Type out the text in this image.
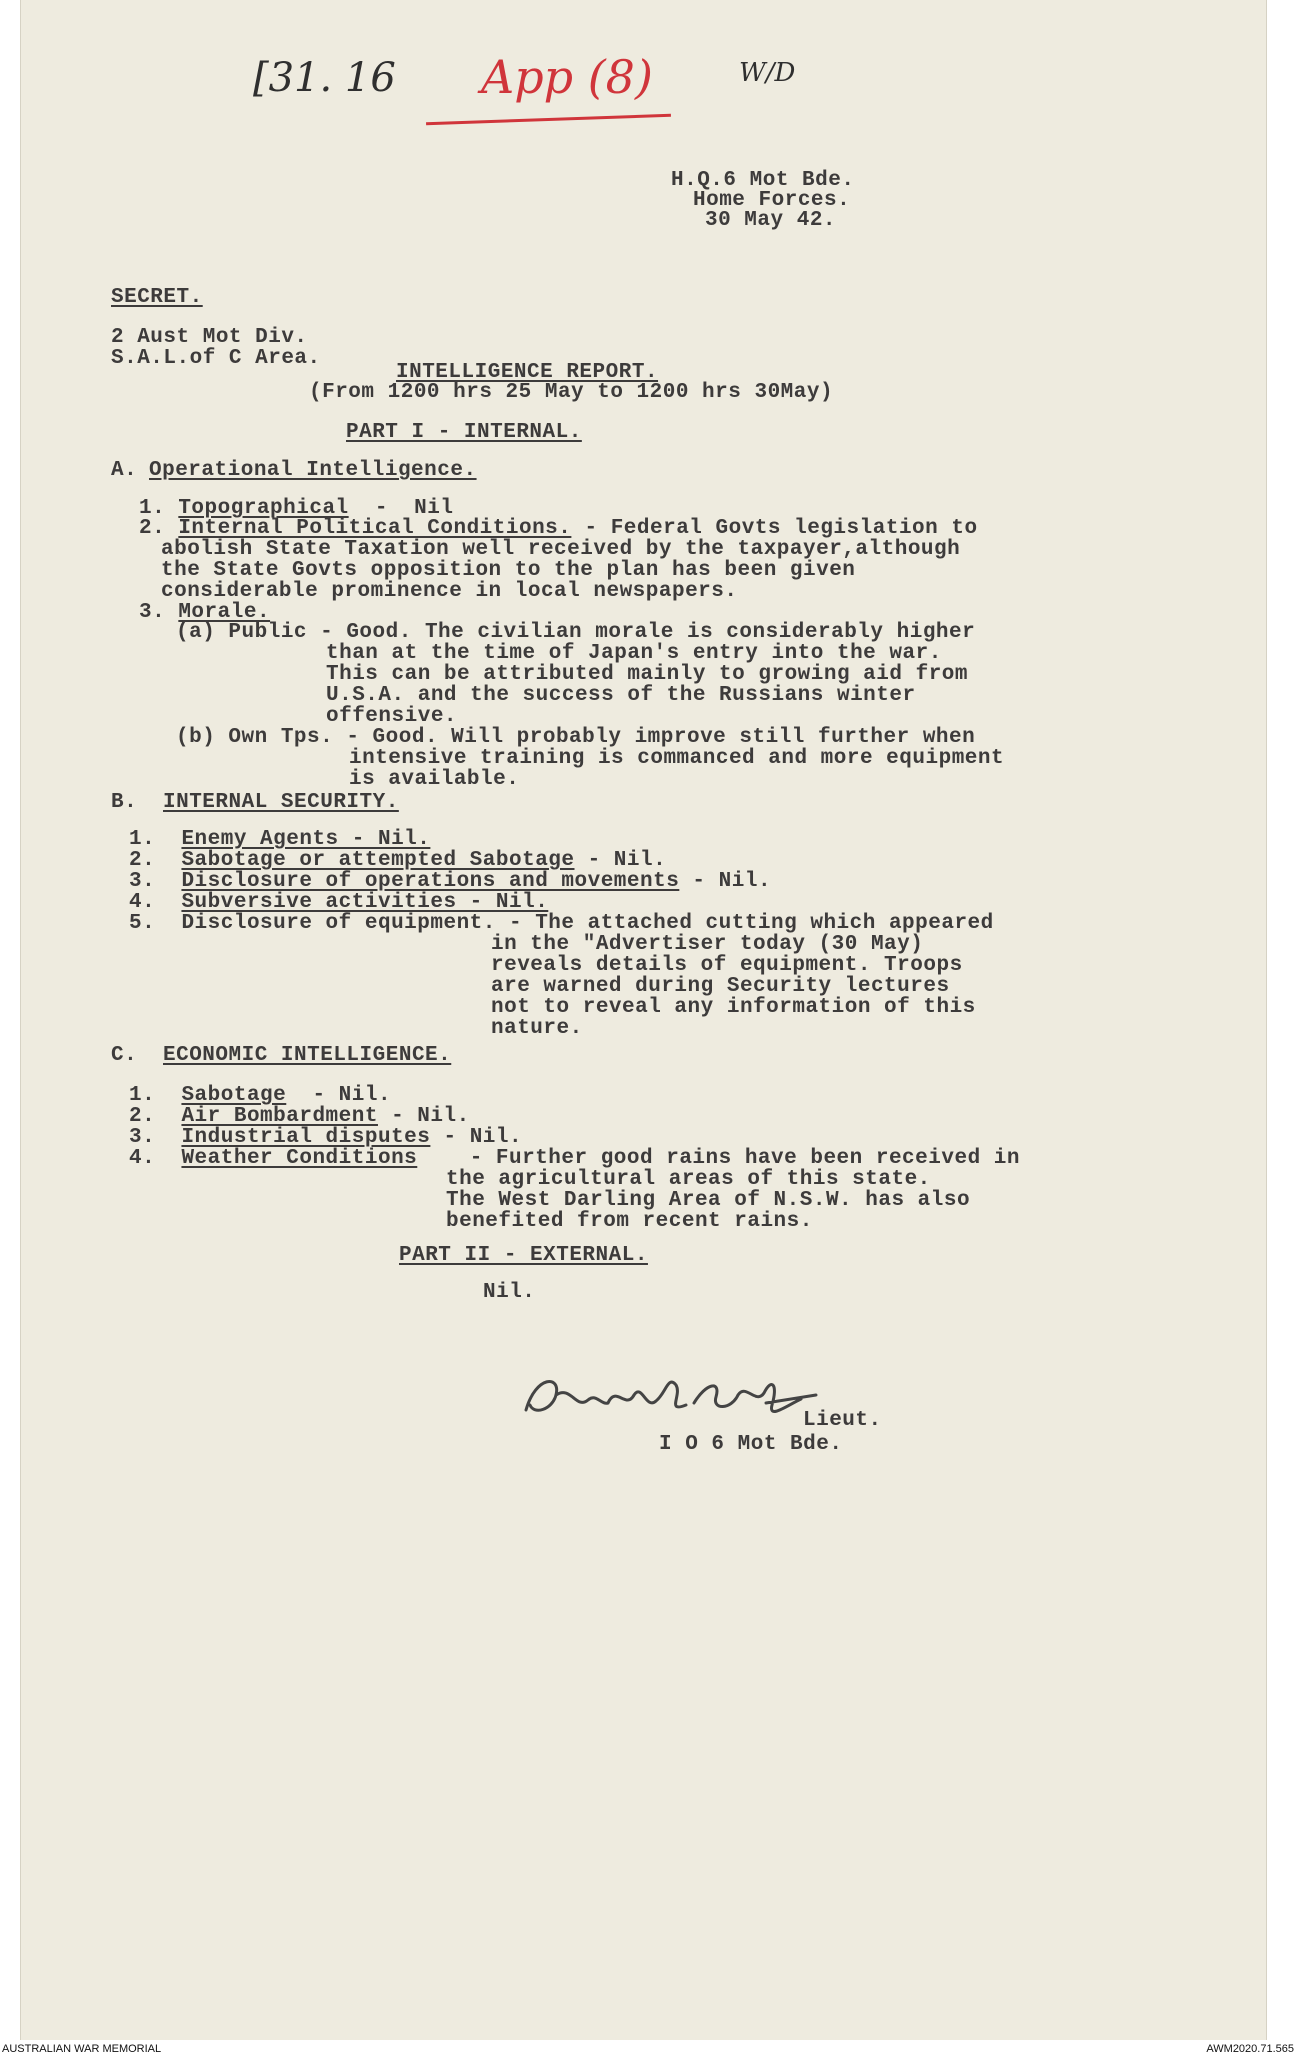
[31. 16 App (8)	W/D
H.Q.6 Mot Bde.
Home Forces.
30 May 42.
SECRET.
2 Aust Mot Div.
S.A.L.of C Area.
INTELLIGENCE REPORT.
(From 1200 hrs 25 May to 1200 hrs 30May)
PART I - INTERNAL.
A. Operational Intelligence.
1. Topographical  -  Nil
2. Internal Political Conditions. - Federal Govts legislation to
abolish State Taxation well received by the taxpayer,although
the State Govts opposition to the plan has been given
considerable prominence in local newspapers.
3. Morale.
(a) Public - Good. The civilian morale is considerably higher
than at the time of Japan's entry into the war.
This can be attributed mainly to growing aid from
U.S.A. and the success of the Russians winter
offensive.
(b) Own Tps. - Good. Will probably improve still further when
intensive training is commanced and more equipment
is available.
B. INTERNAL SECURITY.
1. Enemy Agents - Nil.
2. Sabotage or attempted Sabotage - Nil.
3. Disclosure of operations and movements - Nil.
4. Subversive activities - Nil.
5. Disclosure of equipment. - The attached cutting which appeared
in the "Advertiser today (30 May)
reveals details of equipment. Troops
are warned during Security lectures
not to reveal any information of this
nature.
C. ECONOMIC INTELLIGENCE.
1. Sabotage  - Nil.
2. Air Bombardment - Nil.
3. Industrial disputes - Nil.
4. Weather Conditions    - Further good rains have been received in
the agricultural areas of this state.
The West Darling Area of N.S.W. has also
benefited from recent rains.
PART II - EXTERNAL.
Nil.
Lieut.
I O 6 Mot Bde.
AUSTRALIAN WAR MEMORIAL	AWM2020.71.565
